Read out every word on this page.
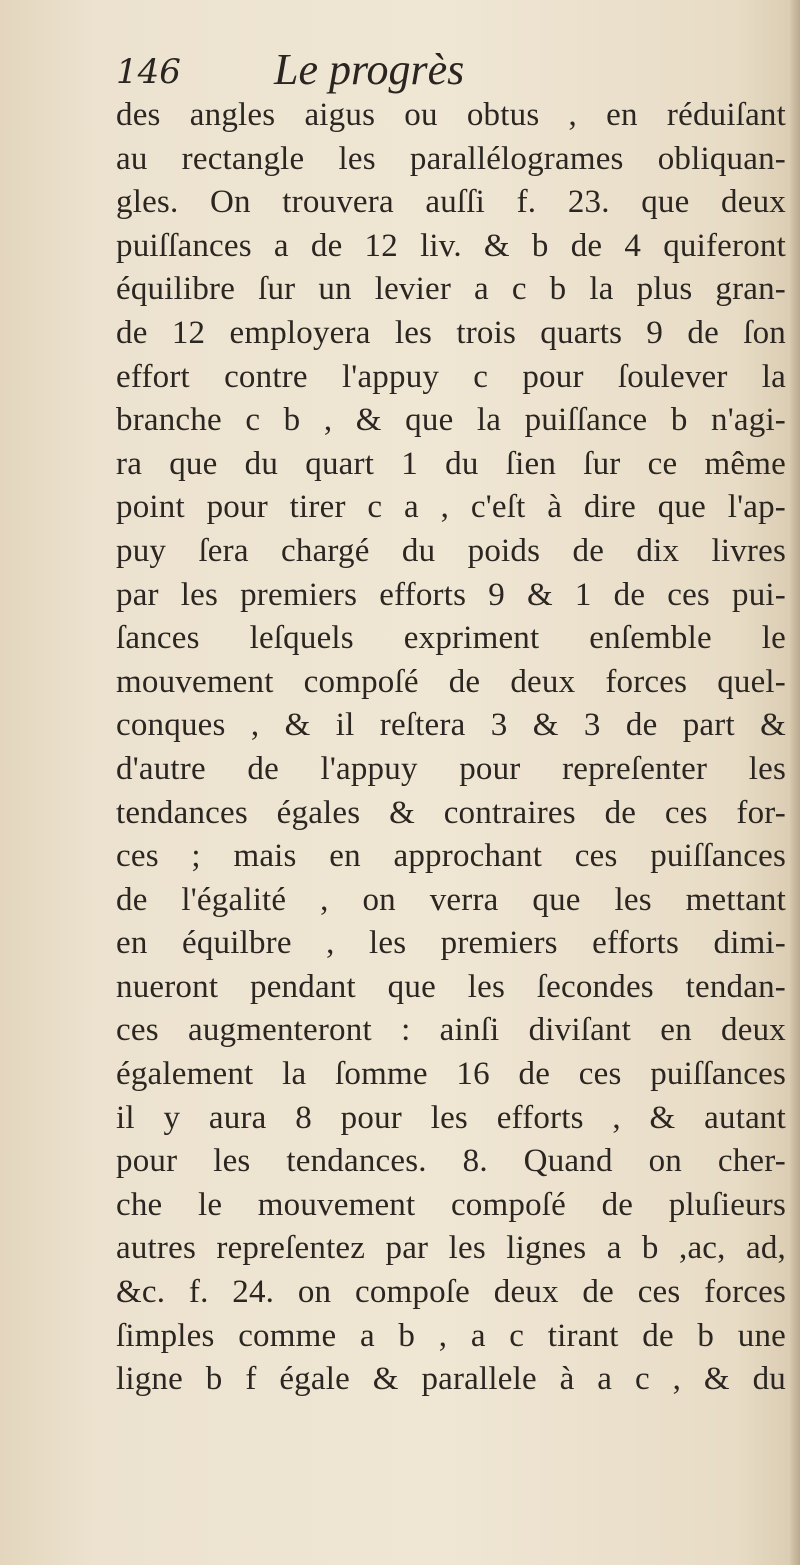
146 Le progrès
des angles aigus ou obtus , en réduiſant
au rectangle les parallélogrames obliquan-
gles. On trouvera auſſi f. 23. que deux
puiſſances a de 12 liv. & b de 4 quiferont
équilibre ſur un levier a c b la plus gran-
de 12 employera les trois quarts 9 de ſon
effort contre l'appuy c pour ſoulever la
branche c b , & que la puiſſance b n'agi-
ra que du quart 1 du ſien ſur ce même
point pour tirer c a , c'eſt à dire que l'ap-
puy ſera chargé du poids de dix livres
par les premiers efforts 9 & 1 de ces pui-
ſances leſquels expriment enſemble le
mouvement compoſé de deux forces quel-
conques , & il reſtera 3 & 3 de part &
d'autre de l'appuy pour repreſenter les
tendances égales & contraires de ces for-
ces ; mais en approchant ces puiſſances
de l'égalité , on verra que les mettant
en équilbre , les premiers efforts dimi-
nueront pendant que les ſecondes tendan-
ces augmenteront : ainſi diviſant en deux
également la ſomme 16 de ces puiſſances
il y aura 8 pour les efforts , & autant
pour les tendances. 8. Quand on cher-
che le mouvement compoſé de pluſieurs
autres repreſentez par les lignes a b ,ac, ad,
&c. f. 24. on compoſe deux de ces forces
ſimples comme a b , a c tirant de b une
ligne b f égale & parallele à a c , & du
